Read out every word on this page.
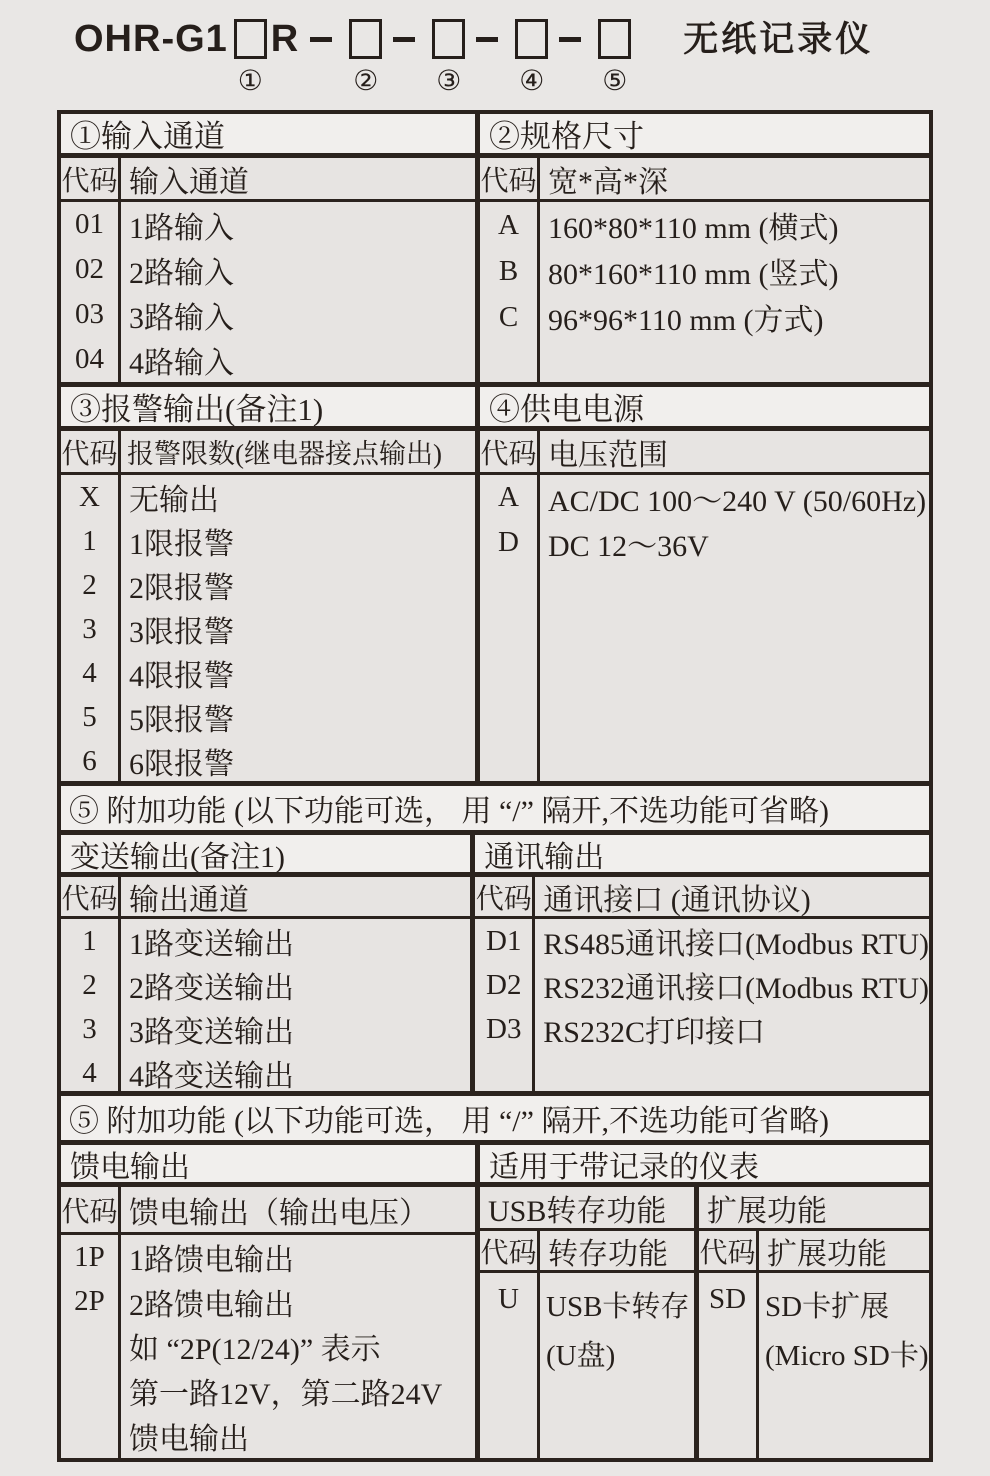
OHR-G1
①
R
② ③ ④ ⑤
无纸记录仪
①输入通道
代码 输入通道
01 1路输入
02 2路输入
03 3路输入
04 4路输入
②规格尺寸
代码 宽*高*深
A 160*80*110 mm (横式)
B 80*160*110 mm (竖式)
C 96*96*110 mm (方式)
③报警输出(备注1)
代码 报警限数(继电器接点输出)
X 无输出
1	1限报警
2	2限报警
3	3限报警
4	4限报警
5	5限报警
6	6限报警
④供电电源
代码 电压范围
A AC/DC 100～240 V (50/60Hz)
D DC 12～36V
⑤ 附加功能 (以下功能可选， 用 “/” 隔开,不选功能可省略)
变送输出(备注1)
代码 输出通道
1	1路变送输出
2	2路变送输出
3	3路变送输出
4	4路变送输出
通讯输出
代码 通讯接口 (通讯协议)
D1 RS485通讯接口(Modbus RTU)
D2 RS232通讯接口(Modbus RTU)
D3 RS232C打印接口
⑤ 附加功能 (以下功能可选， 用 “/” 隔开,不选功能可省略)
馈电输出
代码 馈电输出（输出电压）
1P 1路馈电输出
2P 2路馈电输出
如 “2P(12/24)” 表示
第一路12V，第二路24V
馈电输出
适用于带记录的仪表
USB转存功能
代码 转存功能
U USB卡转存
(U盘)
扩展功能
代码 扩展功能
SD SD卡扩展
(Micro SD卡)
